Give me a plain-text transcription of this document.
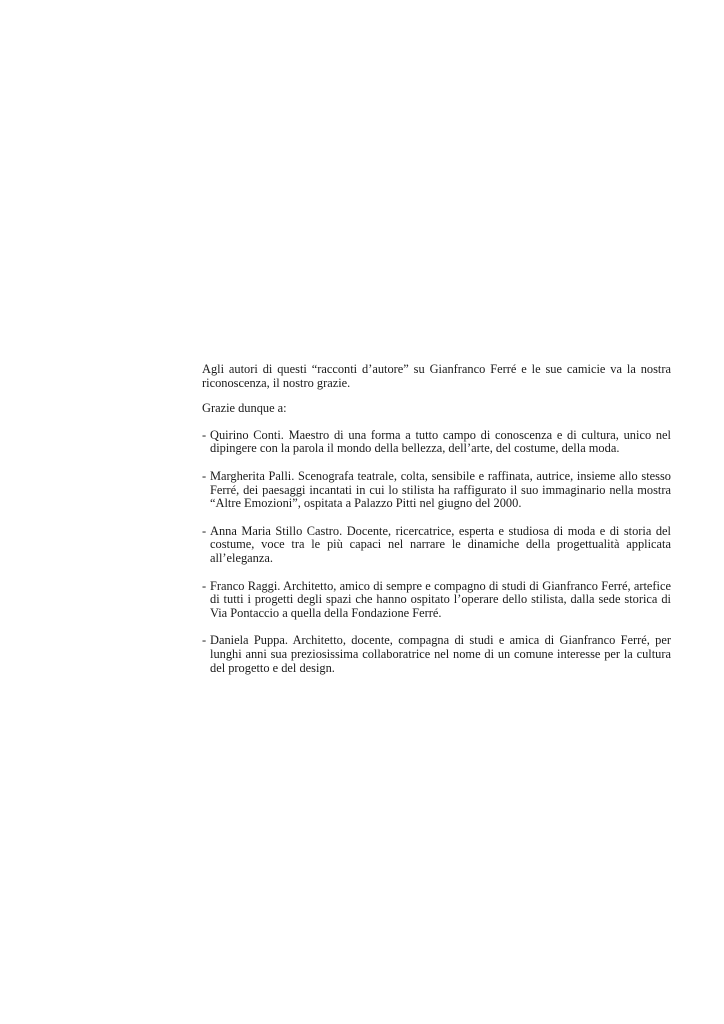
Agli autori di questi “racconti d’autore” su Gianfranco Ferré e le sue camicie va la nostra riconoscenza, il nostro grazie.

Grazie dunque a:

- Quirino Conti. Maestro di una forma a tutto campo di conoscenza e di cultura, unico nel dipingere con la parola il mondo della bellezza, dell’arte, del costume, della moda.
- Margherita Palli. Scenografa teatrale, colta, sensibile e raffinata, autrice, insieme allo stesso Ferré, dei paesaggi incantati in cui lo stilista ha raffigurato il suo immaginario nella mostra “Altre Emozioni”, ospitata a Palazzo Pitti nel giugno del 2000.
- Anna Maria Stillo Castro. Docente, ricercatrice, esperta e studiosa di moda e di storia del costume, voce tra le più capaci nel narrare le dinamiche della progettualità applicata all’eleganza.
- Franco Raggi. Architetto, amico di sempre e compagno di studi di Gianfranco Ferré, artefice di tutti i progetti degli spazi che hanno ospitato l’operare dello stilista, dalla sede storica di Via Pontaccio a quella della Fondazione Ferré.
- Daniela Puppa. Architetto, docente, compagna di studi e amica di Gianfranco Ferré, per lunghi anni sua preziosissima collaboratrice nel nome di un comune interesse per la cultura del progetto e del design.
